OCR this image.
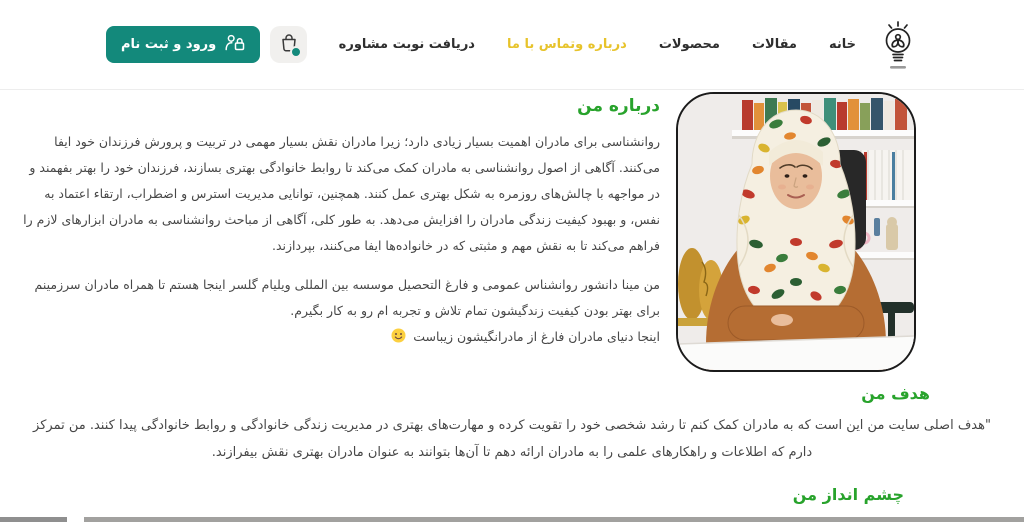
خانه
مقالات
محصولات
درباره وتماس با ما
دریافت نوبت مشاوره
ورود و ثبت نام
درباره من

روانشناسی برای مادران اهمیت بسیار زیادی دارد؛ زیرا مادران نقش بسیار مهمی در تربیت و پرورش فرزندان خود ایفا می‌کنند. آگاهی از اصول روانشناسی به مادران کمک می‌کند تا روابط خانوادگی بهتری بسازند، فرزندان خود را بهتر بفهمند و در مواجهه با چالش‌های روزمره به شکل بهتری عمل کنند. همچنین، توانایی مدیریت استرس و اضطراب، ارتقاء اعتماد به نفس، و بهبود کیفیت زندگی مادران را افزایش می‌دهد. به طور کلی، آگاهی از مباحث روانشناسی به مادران ابزارهای لازم را فراهم می‌کند تا به نقش مهم و مثبتی که در خانواده‌ها ایفا می‌کنند، بپردازند.

من مینا دانشور روانشناس عمومی و فارغ التحصیل موسسه بین المللی ویلیام گلسر اینجا هستم تا همراه مادران سرزمینم برای بهتر بودن کیفیت زندگیشون تمام تلاش و تجربه ام رو به کار بگیرم.
اینجا دنیای مادران فارغ از مادرانگیشون زیباست

هدف من

"هدف اصلی سایت من این است که به مادران کمک کنم تا رشد شخصی خود را تقویت کرده و مهارت‌های بهتری در مدیریت زندگی خانوادگی و روابط خانوادگی پیدا کنند. من تمرکز دارم که اطلاعات و راهکارهای علمی را به مادران ارائه دهم تا آن‌ها بتوانند به عنوان مادران بهتری نقش بیفرازند.

چشم انداز من
